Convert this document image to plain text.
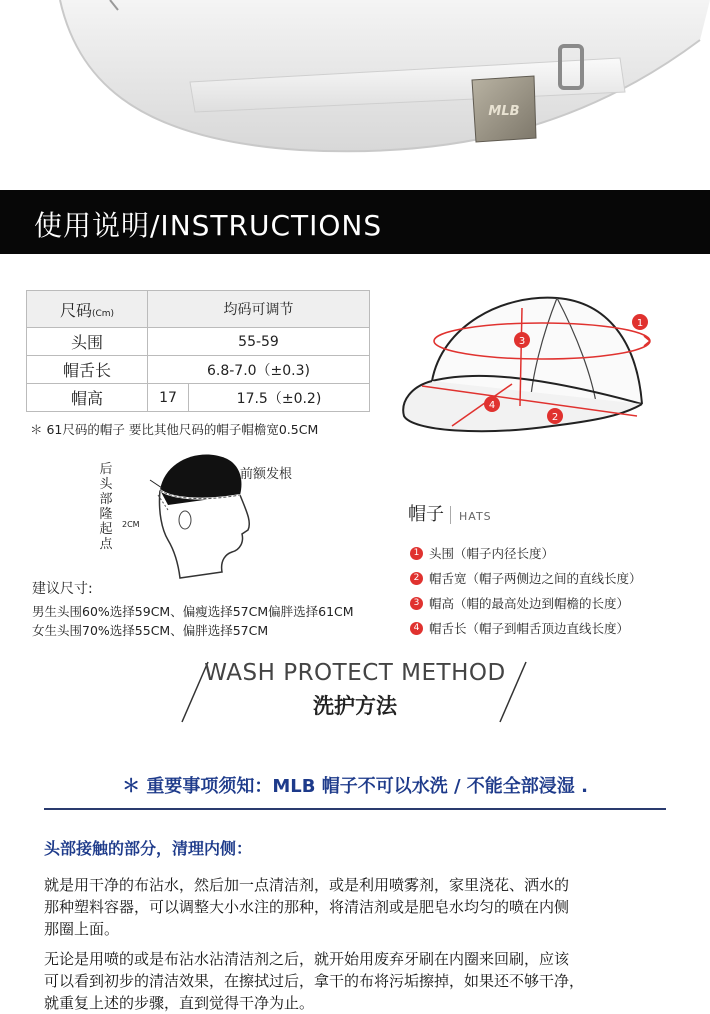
MLB
使用说明/INSTRUCTIONS
尺码(Cm)	均码可调节	
头围	55-59	
帽舌长	6.8-7.0（±0.3)	
帽高	17	17.5（±0.2)
＊ 61尺码的帽子 要比其他尺码的帽子帽檐宽0.5CM
1
3
2
4
后
头
部
隆
起
点
前额发根
2CM
建议尺寸:
男生头围60%选择59CM、偏瘦选择57CM偏胖选择61CM
女生头围70%选择55CM、偏胖选择57CM
帽子 HATS
1 头围（帽子内径长度）
2 帽舌宽（帽子两侧边之间的直线长度）
3 帽高（帽的最高处边到帽檐的长度）
4 帽舌长（帽子到帽舌顶边直线长度）
WASH PROTECT METHOD
洗护方法
＊ 重要事项须知：MLB 帽子不可以水洗 / 不能全部浸湿 .
头部接触的部分，清理内侧：
就是用干净的布沾水，然后加一点清洁剂，或是利用喷雾剂，家里浇花、洒水的
那种塑料容器，可以调整大小水注的那种，将清洁剂或是肥皂水均匀的喷在内侧
那圈上面。
无论是用喷的或是布沾水沾清洁剂之后，就开始用废弃牙刷在内圈来回刷，应该
可以看到初步的清洁效果，在擦拭过后，拿干的布将污垢擦掉，如果还不够干净，
就重复上述的步骤，直到觉得干净为止。
